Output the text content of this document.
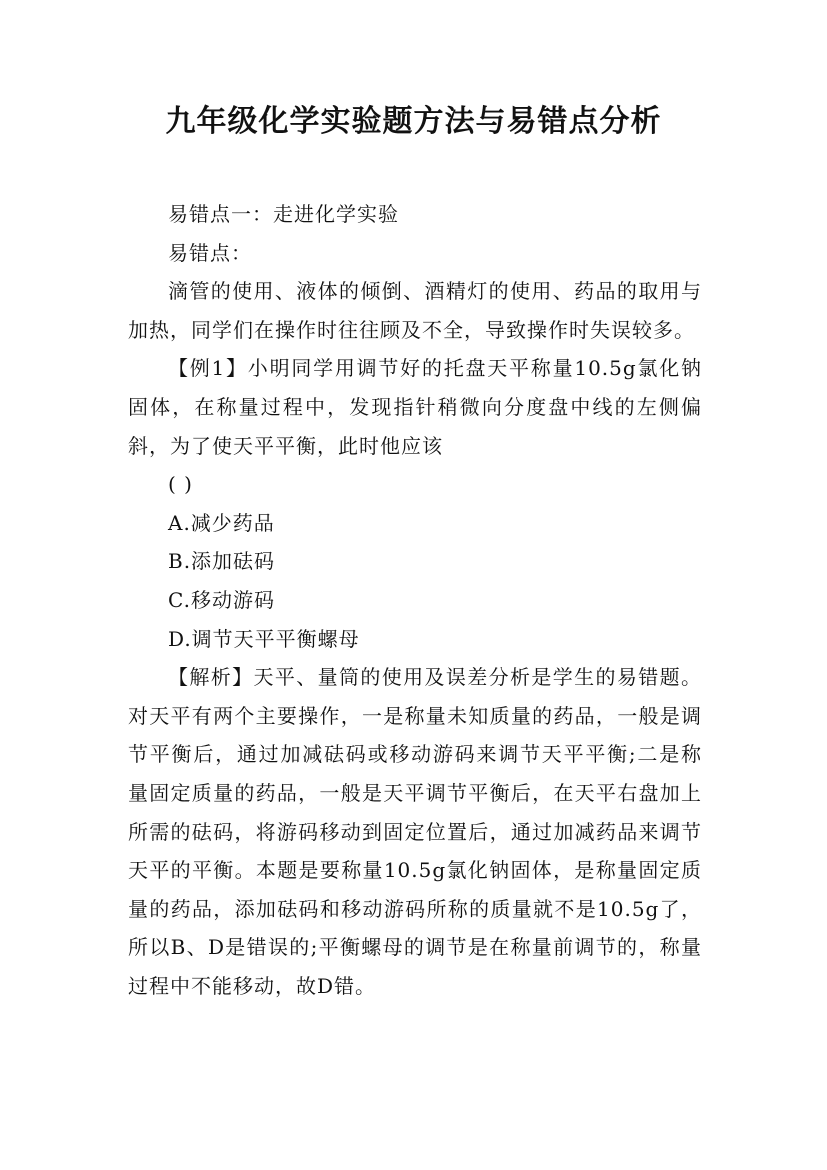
九年级化学实验题方法与易错点分析

易错点一：走进化学实验

易错点：

滴管的使用、液体的倾倒、酒精灯的使用、药品的取用与加热，同学们在操作时往往顾及不全，导致操作时失误较多。

【例1】小明同学用调节好的托盘天平称量10.5g氯化钠固体，在称量过程中，发现指针稍微向分度盘中线的左侧偏斜，为了使天平平衡，此时他应该

( )

A.减少药品

B.添加砝码

C.移动游码

D.调节天平平衡螺母

【解析】天平、量筒的使用及误差分析是学生的易错题。对天平有两个主要操作，一是称量未知质量的药品，一般是调节平衡后，通过加减砝码或移动游码来调节天平平衡;二是称量固定质量的药品，一般是天平调节平衡后，在天平右盘加上所需的砝码，将游码移动到固定位置后，通过加减药品来调节天平的平衡。本题是要称量10.5g氯化钠固体，是称量固定质量的药品，添加砝码和移动游码所称的质量就不是10.5g了，所以B、D是错误的;平衡螺母的调节是在称量前调节的，称量过程中不能移动，故D错。
